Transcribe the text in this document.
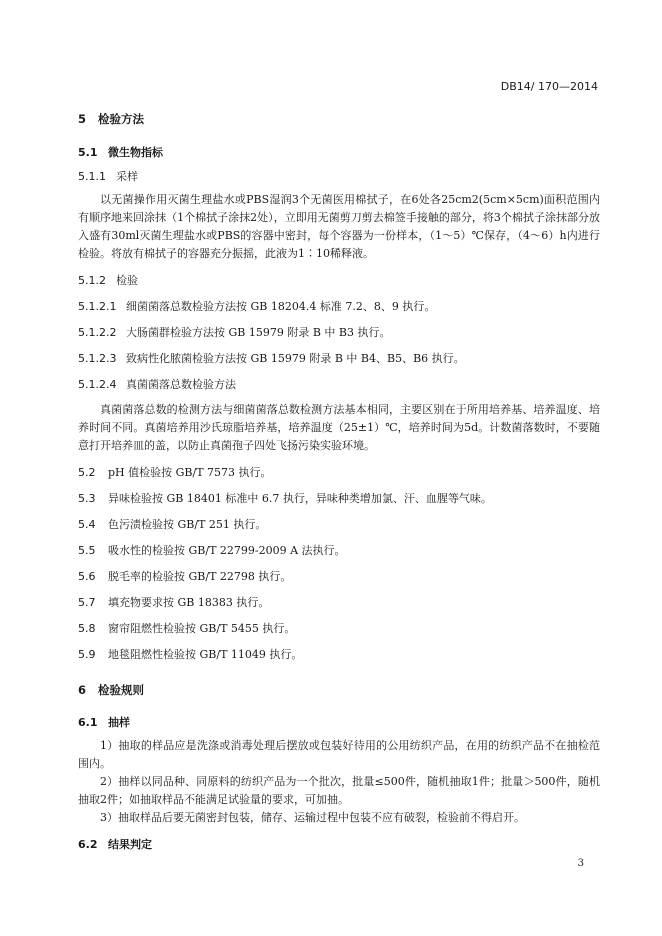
DB14/ 170—2014
5 检验方法
5.1 微生物指标
5.1.1 采样

以无菌操作用灭菌生理盐水或PBS湿润3个无菌医用棉拭子，在6处各25cm2(5cm×5cm)面积范围内有顺序地来回涂抹（1个棉拭子涂抹2处），立即用无菌剪刀剪去棉签手接触的部分，将3个棉拭子涂抹部分放入盛有30ml灭菌生理盐水或PBS的容器中密封，每个容器为一份样本，（1～5）℃保存，（4～6）h内进行检验。将放有棉拭子的容器充分振摇，此液为1∶10稀释液。

5.1.2 检验
5.1.2.1 细菌菌落总数检验方法按 GB 18204.4 标准 7.2、8、9 执行。
5.1.2.2 大肠菌群检验方法按 GB 15979 附录 B 中 B3 执行。
5.1.2.3 致病性化脓菌检验方法按 GB 15979 附录 B 中 B4、B5、B6 执行。
5.1.2.4 真菌菌落总数检验方法

真菌菌落总数的检测方法与细菌菌落总数检测方法基本相同，主要区别在于所用培养基、培养温度、培养时间不同。真菌培养用沙氏琼脂培养基，培养温度（25±1）℃，培养时间为5d。计数菌落数时，不要随意打开培养皿的盖，以防止真菌孢子四处飞扬污染实验环境。

5.2 pH 值检验按 GB/T 7573 执行。
5.3 异味检验按 GB 18401 标准中 6.7 执行，异味种类增加氯、汗、血腥等气味。
5.4 色污渍检验按 GB/T 251 执行。
5.5 吸水性的检验按 GB/T 22799-2009 A 法执行。
5.6 脱毛率的检验按 GB/T 22798 执行。
5.7 填充物要求按 GB 18383 执行。
5.8 窗帘阻燃性检验按 GB/T 5455 执行。
5.9 地毯阻燃性检验按 GB/T 11049 执行。
6 检验规则
6.1 抽样

1）抽取的样品应是洗涤或消毒处理后摆放或包装好待用的公用纺织产品，在用的纺织产品不在抽检范围内。

2）抽样以同品种、同原料的纺织产品为一个批次，批量≤500件，随机抽取1件；批量＞500件，随机抽取2件；如抽取样品不能满足试验量的要求，可加抽。

3）抽取样品后要无菌密封包装，储存、运输过程中包装不应有破裂，检验前不得启开。

6.2 结果判定
3
